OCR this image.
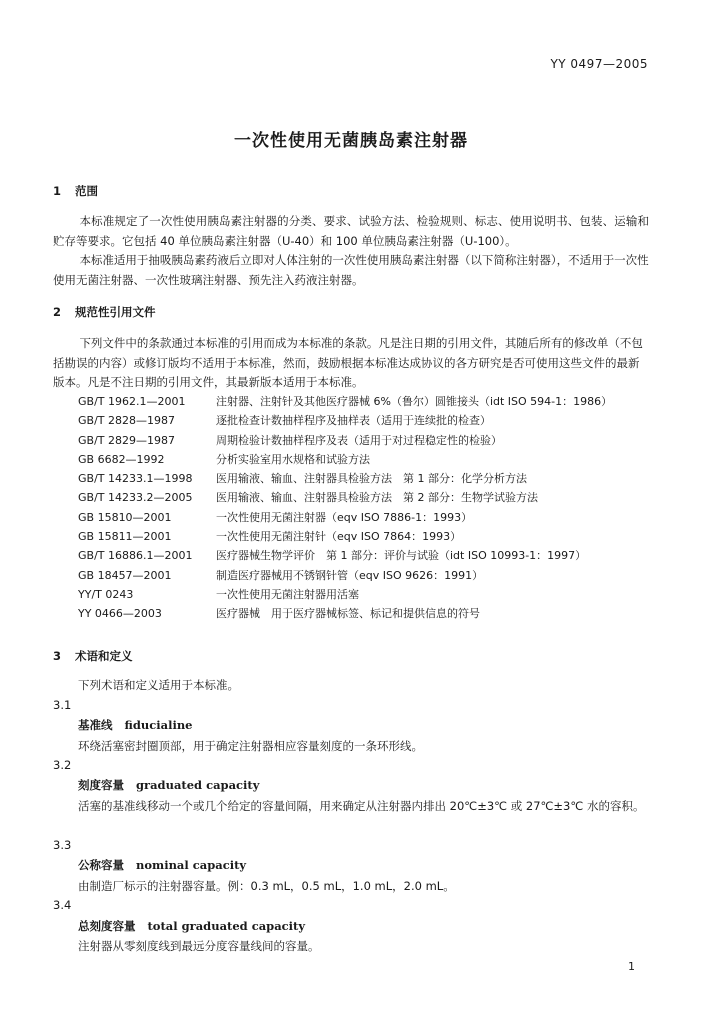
YY 0497—2005
一次性使用无菌胰岛素注射器
1 范围

本标准规定了一次性使用胰岛素注射器的分类、要求、试验方法、检验规则、标志、使用说明书、包装、运输和贮存等要求。它包括 40 单位胰岛素注射器（U-40）和 100 单位胰岛素注射器（U-100）。

本标准适用于抽吸胰岛素药液后立即对人体注射的一次性使用胰岛素注射器（以下简称注射器），不适用于一次性使用无菌注射器、一次性玻璃注射器、预先注入药液注射器。

2 规范性引用文件

下列文件中的条款通过本标准的引用而成为本标准的条款。凡是注日期的引用文件，其随后所有的修改单（不包括勘误的内容）或修订版均不适用于本标准，然而，鼓励根据本标准达成协议的各方研究是否可使用这些文件的最新版本。凡是不注日期的引用文件，其最新版本适用于本标准。

GB/T 1962.1—2001	注射器、注射针及其他医疗器械 6%（鲁尔）圆锥接头（idt ISO 594-1：1986）
GB/T 2828—1987	逐批检查计数抽样程序及抽样表（适用于连续批的检查）
GB/T 2829—1987	周期检验计数抽样程序及表（适用于对过程稳定性的检验）
GB 6682—1992	分析实验室用水规格和试验方法
GB/T 14233.1—1998 医用输液、输血、注射器具检验方法　第 1 部分：化学分析方法
GB/T 14233.2—2005 医用输液、输血、注射器具检验方法　第 2 部分：生物学试验方法
GB 15810—2001	一次性使用无菌注射器（eqv ISO 7886-1：1993）
GB 15811—2001	一次性使用无菌注射针（eqv ISO 7864：1993）
GB/T 16886.1—2001 医疗器械生物学评价　第 1 部分：评价与试验（idt ISO 10993-1：1997）
GB 18457—2001	制造医疗器械用不锈钢针管（eqv ISO 9626：1991）
YY/T 0243	一次性使用无菌注射器用活塞
YY 0466—2003	医疗器械　用于医疗器械标签、标记和提供信息的符号
3 术语和定义

下列术语和定义适用于本标准。

3.1
基准线 fiducialine

环绕活塞密封圈顶部，用于确定注射器相应容量刻度的一条环形线。

3.2
刻度容量 graduated capacity

活塞的基准线移动一个或几个给定的容量间隔，用来确定从注射器内排出 20℃±3℃ 或 27℃±3℃ 水的容积。

3.3
公称容量 nominal capacity

由制造厂标示的注射器容量。例：0.3 mL，0.5 mL，1.0 mL，2.0 mL。

3.4
总刻度容量 total graduated capacity

注射器从零刻度线到最远分度容量线间的容量。

1
